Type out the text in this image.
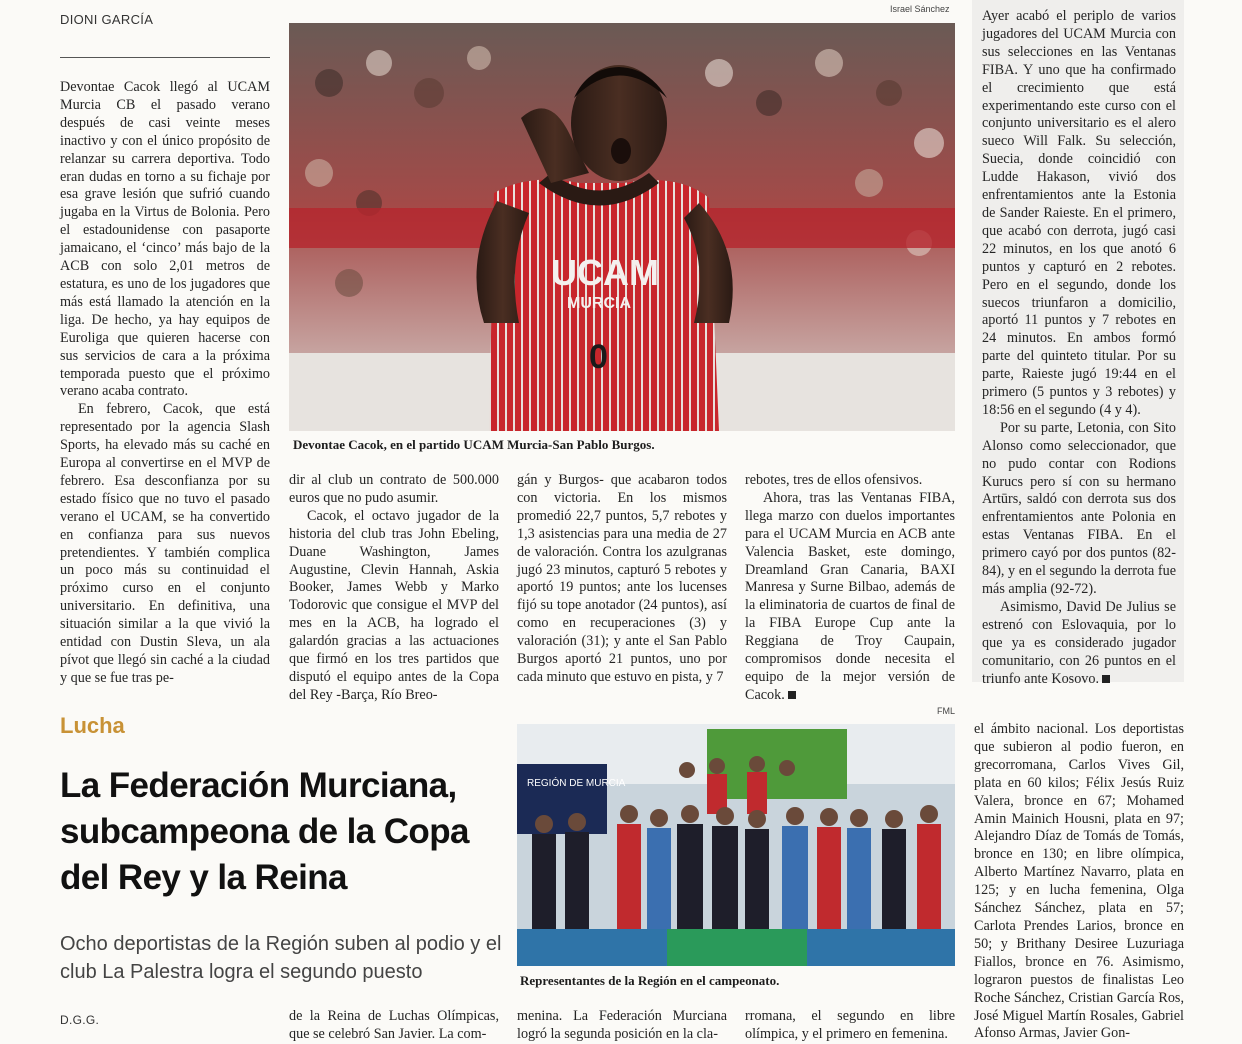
DIONI GARCÍA

Devontae Cacok llegó al UCAM Murcia CB el pasado verano después de casi veinte meses inactivo y con el único propósito de relanzar su carrera deportiva. Todo eran dudas en torno a su fichaje por esa grave lesión que sufrió cuando jugaba en la Virtus de Bolonia. Pero el estadounidense con pasaporte jamaicano, el ‘cinco’ más bajo de la ACB con solo 2,01 metros de estatura, es uno de los jugadores que más está llamado la atención en la liga. De hecho, ya hay equipos de Euroliga que quieren hacerse con sus servicios de cara a la próxima temporada puesto que el próximo verano acaba contrato.

En febrero, Cacok, que está representado por la agencia Slash Sports, ha elevado más su caché en Europa al convertirse en el MVP de febrero. Esa desconfianza por su estado físico que no tuvo el pasado verano el UCAM, se ha convertido en confianza para sus nuevos pretendientes. Y también complica un poco más su continuidad el próximo curso en el conjunto universitario. En definitiva, una situación similar a la que vivió la entidad con Dustin Sleva, un ala pívot que llegó sin caché a la ciudad y que se fue tras pe-

Israel Sánchez
UCAM
MURCIA
0
Devontae Cacok, en el partido UCAM Murcia-San Pablo Burgos.

dir al club un contrato de 500.000 euros que no pudo asumir.

Cacok, el octavo jugador de la historia del club tras John Ebeling, Duane Washington, James Augustine, Clevin Hannah, Askia Booker, James Webb y Marko Todorovic que consigue el MVP del mes en la ACB, ha logrado el galardón gracias a las actuaciones que firmó en los tres partidos que disputó el equipo antes de la Copa del Rey -Barça, Río Breo-

gán y Burgos- que acabaron todos con victoria. En los mismos promedió 22,7 puntos, 5,7 rebotes y 1,3 asistencias para una media de 27 de valoración. Contra los azulgranas jugó 23 minutos, capturó 5 rebotes y aportó 19 puntos; ante los lucenses fijó su tope anotador (24 puntos), así como en recuperaciones (3) y valoración (31); y ante el San Pablo Burgos aportó 21 puntos, uno por cada minuto que estuvo en pista, y 7

rebotes, tres de ellos ofensivos.

Ahora, tras las Ventanas FIBA, llega marzo con duelos importantes para el UCAM Murcia en ACB ante Valencia Basket, este domingo, Dreamland Gran Canaria, BAXI Manresa y Surne Bilbao, además de la eliminatoria de cuartos de final de la FIBA Europe Cup ante la Reggiana de Troy Caupain, compromisos donde necesita el equipo de la mejor versión de Cacok.

Ayer acabó el periplo de varios jugadores del UCAM Murcia con sus selecciones en las Ventanas FIBA. Y uno que ha confirmado el crecimiento que está experimentando este curso con el conjunto universitario es el alero sueco Will Falk. Su selección, Suecia, donde coincidió con Ludde Hakason, vivió dos enfrentamientos ante la Estonia de Sander Raieste. En el primero, que acabó con derrota, jugó casi 22 minutos, en los que anotó 6 puntos y capturó en 2 rebotes. Pero en el segundo, donde los suecos triunfaron a domicilio, aportó 11 puntos y 7 rebotes en 24 minutos. En ambos formó parte del quinteto titular. Por su parte, Raieste jugó 19:44 en el primero (5 puntos y 3 rebotes) y 18:56 en el segundo (4 y 4).

Por su parte, Letonia, con Sito Alonso como seleccionador, que no pudo contar con Rodions Kurucs pero sí con su hermano Artūrs, saldó con derrota sus dos enfrentamientos ante Polonia en estas Ventanas FIBA. En el primero cayó por dos puntos (82-84), y en el segundo la derrota fue más amplia (92-72).

Asimismo, David De Julius se estrenó con Eslovaquia, por lo que ya es considerado jugador comunitario, con 26 puntos en el triunfo ante Kosovo.

Lucha
La Federación Murciana, subcampeona de la Copa del Rey y la Reina
Ocho deportistas de la Región suben al podio y el club La Palestra logra el segundo puesto
D.G.G.
FML
REGIÓN DE MURCIA
Representantes de la Región en el campeonato.

de la Reina de Luchas Olímpicas, que se celebró San Javier. La com-

menina. La Federación Murciana logró la segunda posición en la cla-

rromana, el segundo en libre olímpica, y el primero en femenina.

el ámbito nacional. Los deportistas que subieron al podio fueron, en grecorromana, Carlos Vives Gil, plata en 60 kilos; Félix Jesús Ruiz Valera, bronce en 67; Mohamed Amin Mainich Housni, plata en 97; Alejandro Díaz de Tomás de Tomás, bronce en 130; en libre olímpica, Alberto Martínez Navarro, plata en 125; y en lucha femenina, Olga Sánchez Sánchez, plata en 57; Carlota Prendes Larios, bronce en 50; y Brithany Desiree Luzuriaga Fiallos, bronce en 76. Asimismo, lograron puestos de finalistas Leo Roche Sánchez, Cristian García Ros, José Miguel Martín Rosales, Gabriel Afonso Armas, Javier Gon-
